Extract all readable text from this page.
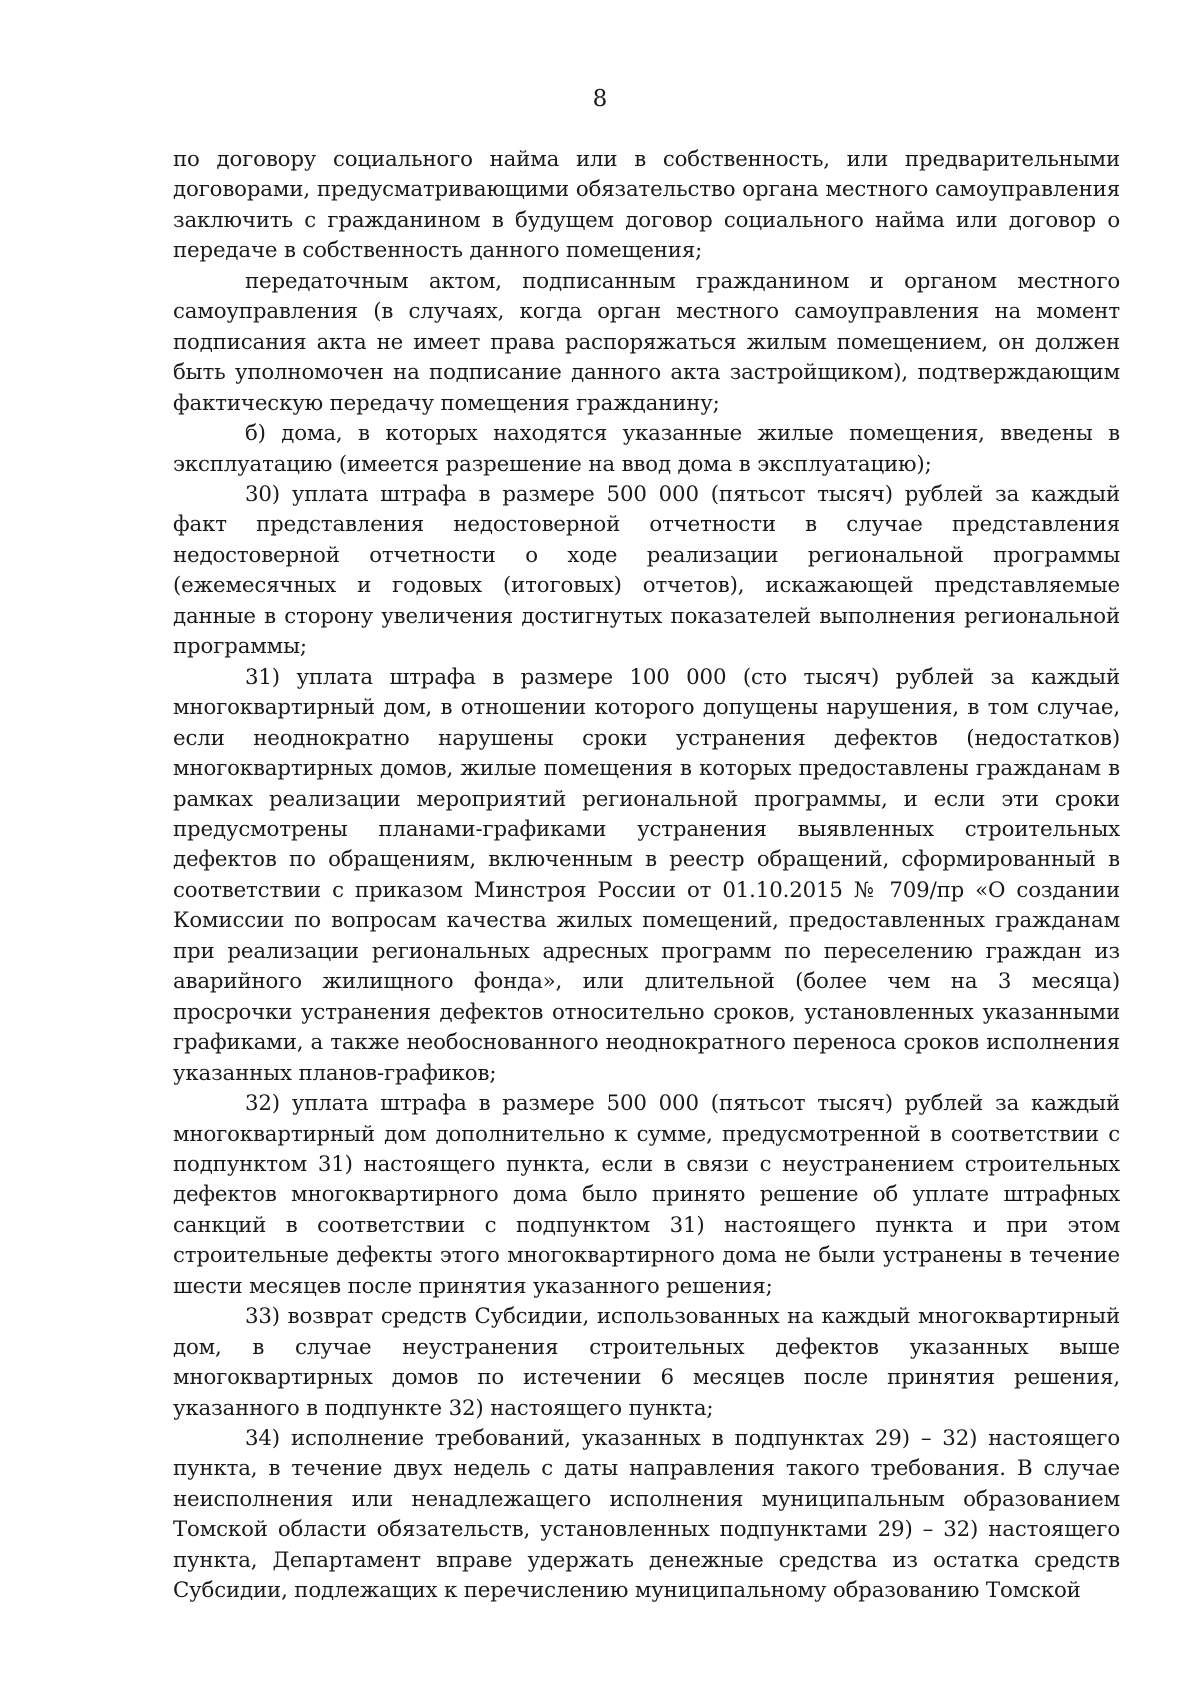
8

по договору социального найма или в собственность, или предварительными договорами, предусматривающими обязательство органа местного самоуправления заключить с гражданином в будущем договор социального найма или договор о передаче в собственность данного помещения;

передаточным актом, подписанным гражданином и органом местного самоуправления (в случаях, когда орган местного самоуправления на момент подписания акта не имеет права распоряжаться жилым помещением, он должен быть уполномочен на подписание данного акта застройщиком), подтверждающим фактическую передачу помещения гражданину;

б) дома, в которых находятся указанные жилые помещения, введены в эксплуатацию (имеется разрешение на ввод дома в эксплуатацию);

30) уплата штрафа в размере 500 000 (пятьсот тысяч) рублей за каждый факт представления недостоверной отчетности в случае представления недостоверной отчетности о ходе реализации региональной программы (ежемесячных и годовых (итоговых) отчетов), искажающей представляемые данные в сторону увеличения достигнутых показателей выполнения региональной программы;

31) уплата штрафа в размере 100 000 (сто тысяч) рублей за каждый многоквартирный дом, в отношении которого допущены нарушения, в том случае, если неоднократно нарушены сроки устранения дефектов (недостатков) многоквартирных домов, жилые помещения в которых предоставлены гражданам в рамках реализации мероприятий региональной программы, и если эти сроки предусмотрены планами-графиками устранения выявленных строительных дефектов по обращениям, включенным в реестр обращений, сформированный в соответствии с приказом Минстроя России от 01.10.2015 № 709/пр «О создании Комиссии по вопросам качества жилых помещений, предоставленных гражданам при реализации региональных адресных программ по переселению граждан из аварийного жилищного фонда», или длительной (более чем на 3 месяца) просрочки устранения дефектов относительно сроков, установленных указанными графиками, а также необоснованного неоднократного переноса сроков исполнения указанных планов-графиков;

32) уплата штрафа в размере 500 000 (пятьсот тысяч) рублей за каждый многоквартирный дом дополнительно к сумме, предусмотренной в соответствии с подпунктом 31) настоящего пункта, если в связи с неустранением строительных дефектов многоквартирного дома было принято решение об уплате штрафных санкций в соответствии с подпунктом 31) настоящего пункта и при этом строительные дефекты этого многоквартирного дома не были устранены в течение шести месяцев после принятия указанного решения;

33) возврат средств Субсидии, использованных на каждый многоквартирный дом, в случае неустранения строительных дефектов указанных выше многоквартирных домов по истечении 6 месяцев после принятия решения, указанного в подпункте 32) настоящего пункта;

34) исполнение требований, указанных в подпунктах 29) – 32) настоящего пункта, в течение двух недель с даты направления такого требования. В случае неисполнения или ненадлежащего исполнения муниципальным образованием Томской области обязательств, установленных подпунктами 29) – 32) настоящего пункта, Департамент вправе удержать денежные средства из остатка средств Субсидии, подлежащих к перечислению муниципальному образованию Томской
